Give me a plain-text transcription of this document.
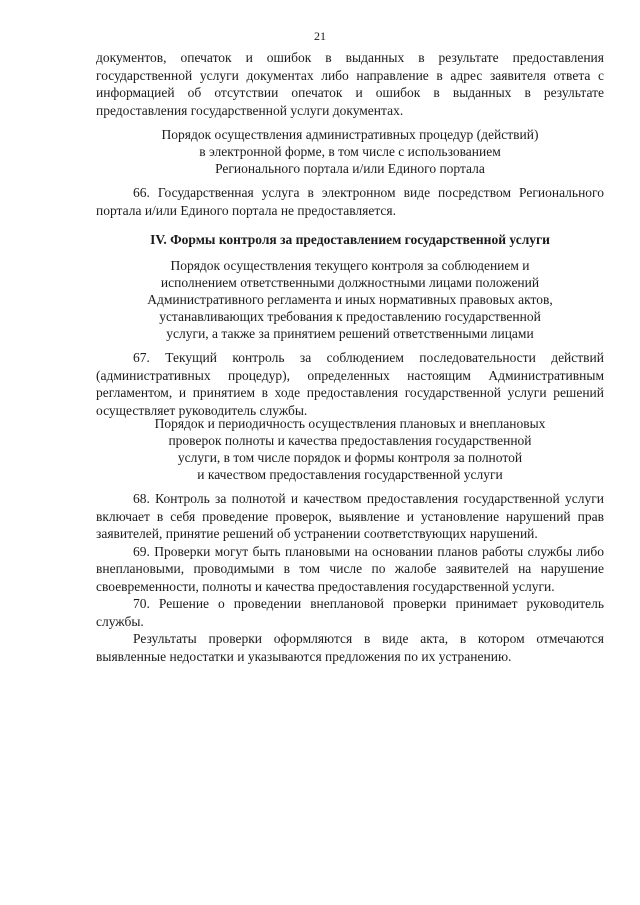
21

документов, опечаток и ошибок в выданных в результате предоставления государственной услуги документах либо направление в адрес заявителя ответа с информацией об отсутствии опечаток и ошибок в выданных в результате предоставления государственной услуги документах.

Порядок осуществления административных процедур (действий)
в электронной форме, в том числе с использованием
Регионального портала и/или Единого портала

66. Государственная услуга в электронном виде посредством Регионального портала и/или Единого портала не предоставляется.

IV. Формы контроля за предоставлением государственной услуги
Порядок осуществления текущего контроля за соблюдением и
исполнением ответственными должностными лицами положений
Административного регламента и иных нормативных правовых актов,
устанавливающих требования к предоставлению государственной
услуги, а также за принятием решений ответственными лицами

67. Текущий контроль за соблюдением последовательности действий (административных процедур), определенных настоящим Административным регламентом, и принятием в ходе предоставления государственной услуги решений осуществляет руководитель службы.

Порядок и периодичность осуществления плановых и внеплановых
проверок полноты и качества предоставления государственной
услуги, в том числе порядок и формы контроля за полнотой
и качеством предоставления государственной услуги

68. Контроль за полнотой и качеством предоставления государственной услуги включает в себя проведение проверок, выявление и установление нарушений прав заявителей, принятие решений об устранении соответствующих нарушений.

69. Проверки могут быть плановыми на основании планов работы службы либо внеплановыми, проводимыми в том числе по жалобе заявителей на нарушение своевременности, полноты и качества предоставления государственной услуги.

70. Решение о проведении внеплановой проверки принимает руководитель службы.

Результаты проверки оформляются в виде акта, в котором отмечаются выявленные недостатки и указываются предложения по их устранению.
